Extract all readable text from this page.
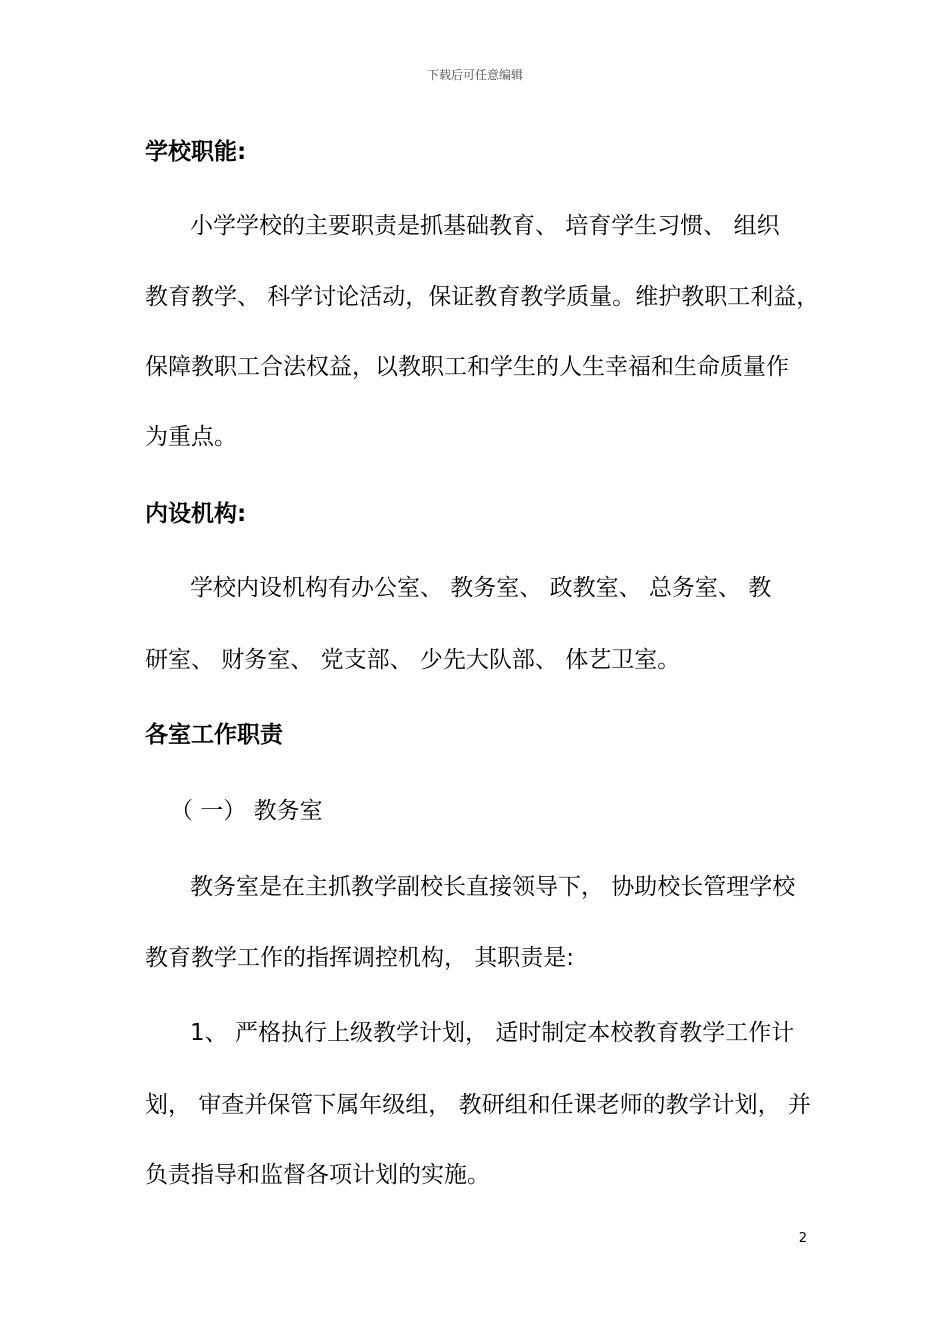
下载后可任意编辑
学校职能:
小学学校的主要职责是抓基础教育、 培育学生习惯、 组织
教育教学、 科学讨论活动，保证教育教学质量。维护教职工利益，
保障教职工合法权益，以教职工和学生的人生幸福和生命质量作
为重点。
内设机构:
学校内设机构有办公室、 教务室、 政教室、 总务室、 教
研室、 财务室、 党支部、 少先大队部、 体艺卫室。
各室工作职责
（ 一） 教务室
教务室是在主抓教学副校长直接领导下， 协助校长管理学校
教育教学工作的指挥调控机构， 其职责是:
1、 严格执行上级教学计划， 适时制定本校教育教学工作计
划， 审查并保管下属年级组， 教研组和任课老师的教学计划， 并
负责指导和监督各项计划的实施。
2
